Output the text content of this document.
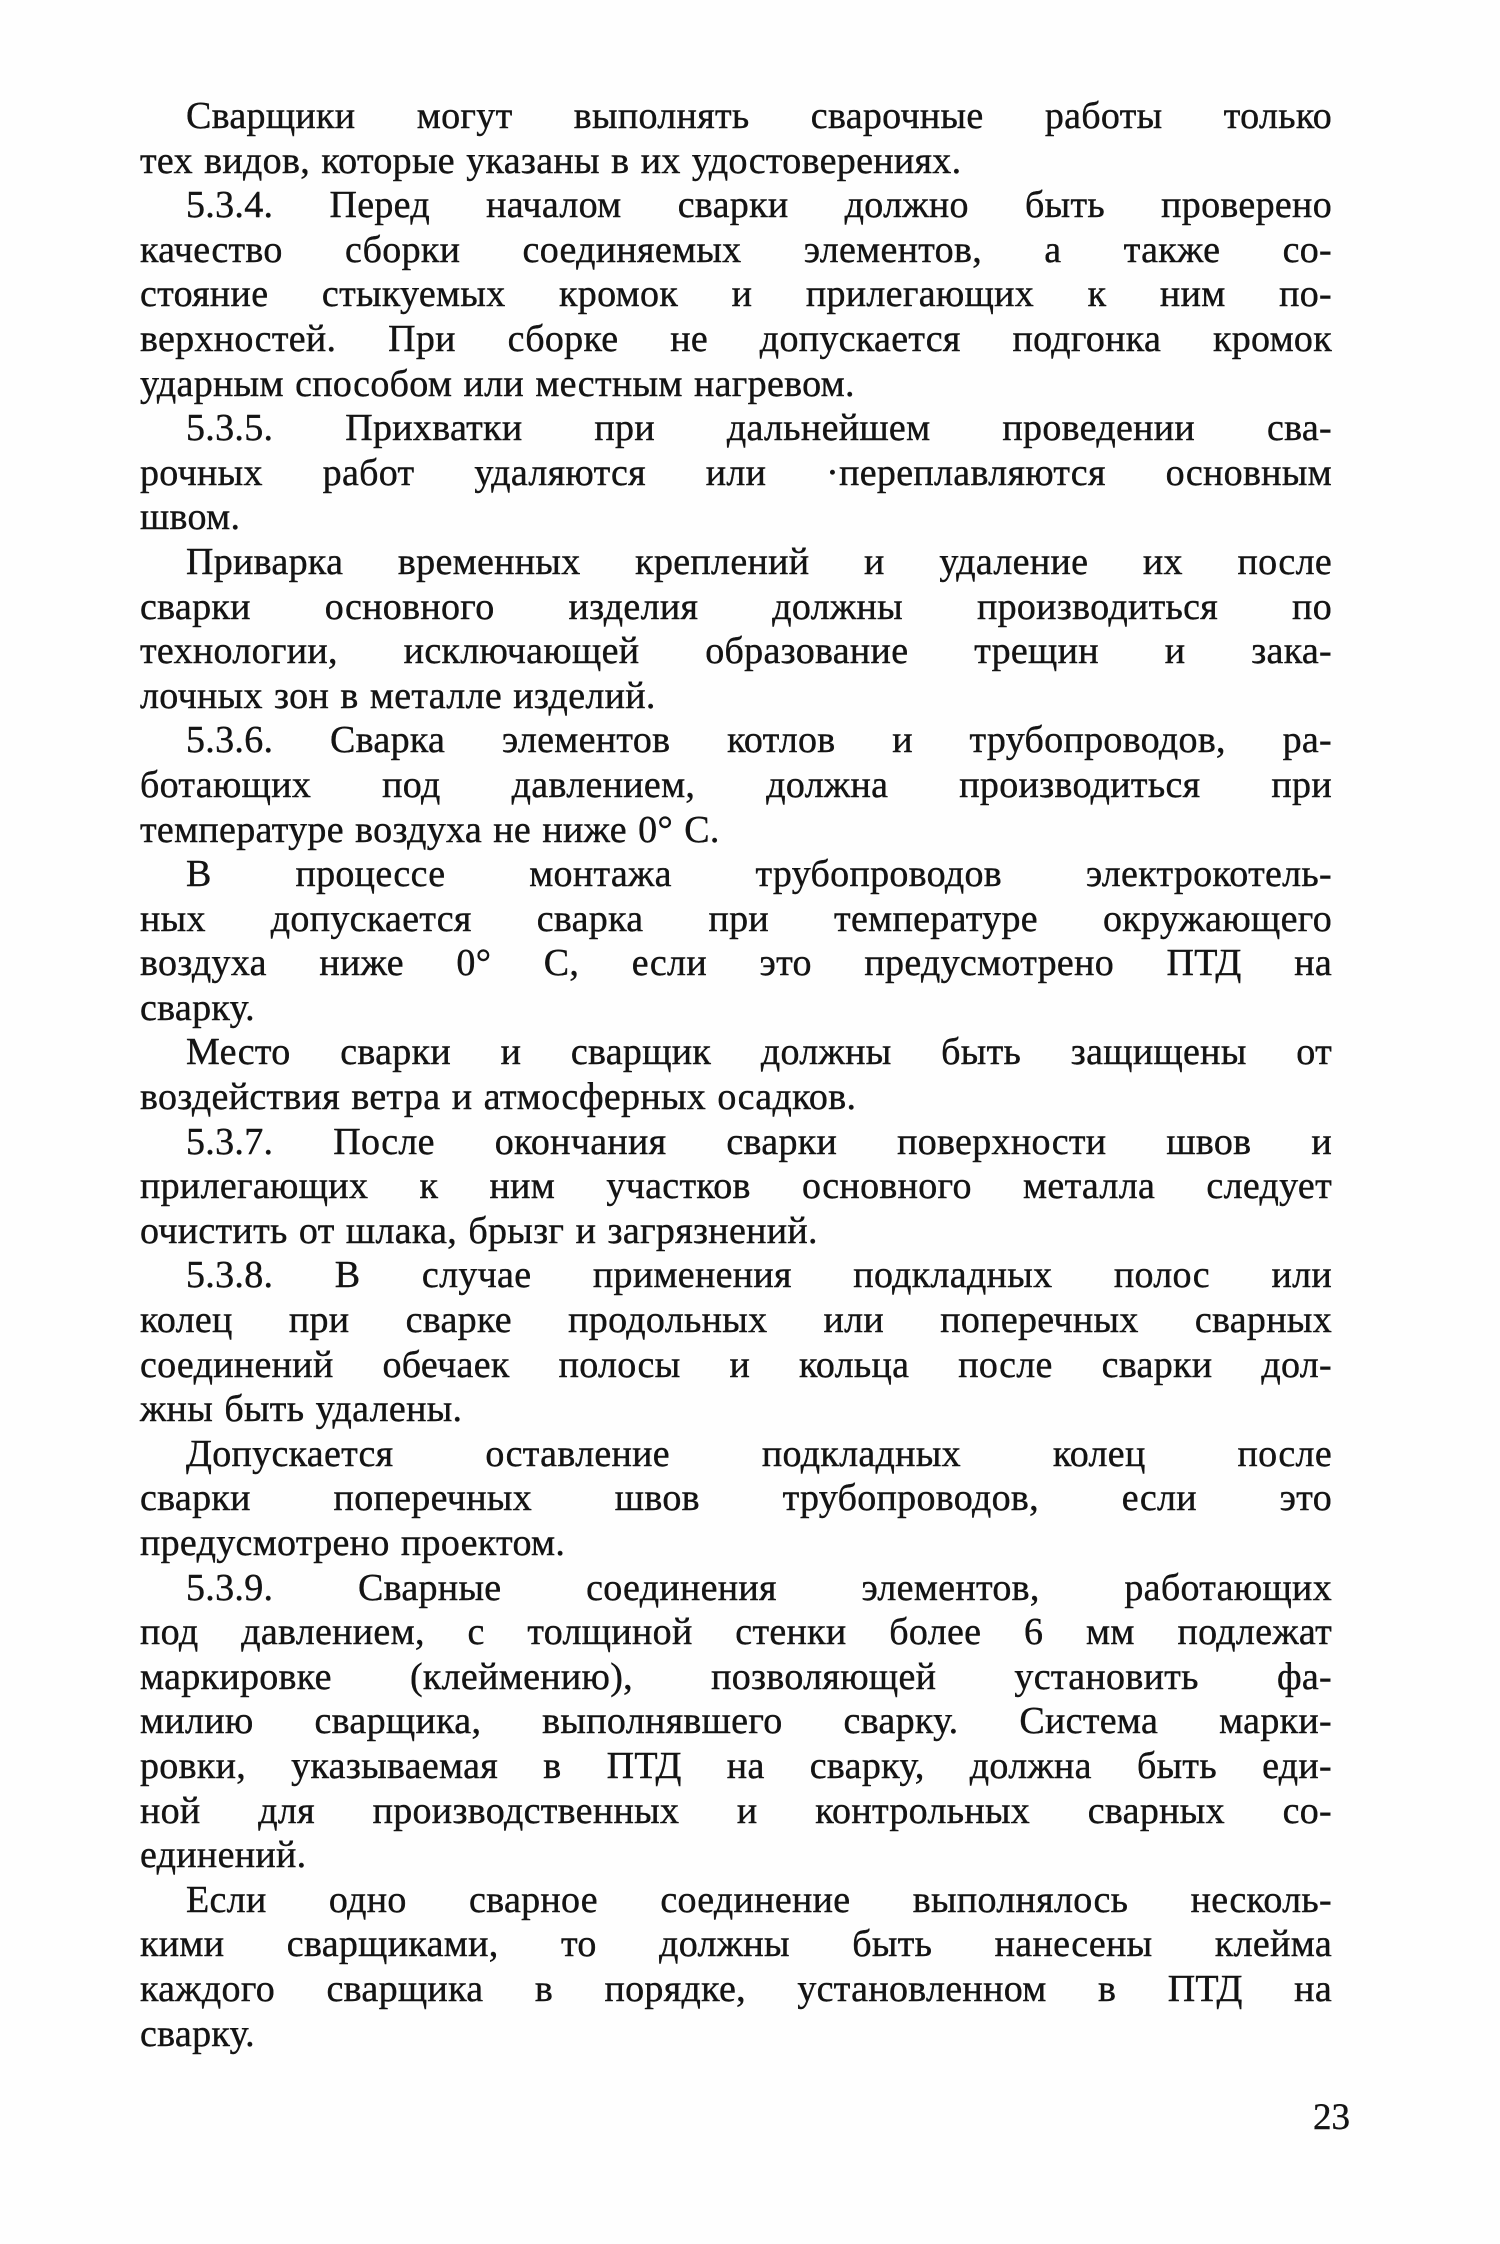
Сварщики могут выполнять сварочные работы только
тех видов, которые указаны в их удостоверениях.
5.3.4. Перед началом сварки должно быть проверено
качество сборки соединяемых элементов, а также со-
стояние стыкуемых кромок и прилегающих к ним по-
верхностей. При сборке не допускается подгонка кромок
ударным способом или местным нагревом.
5.3.5. Прихватки при дальнейшем проведении сва-
рочных работ удаляются или ·переплавляются основным
швом.
Приварка временных креплений и удаление их после
сварки основного изделия должны производиться по
технологии, исключающей образование трещин и зака-
лочных зон в металле изделий.
5.3.6. Сварка элементов котлов и трубопроводов, ра-
ботающих под давлением, должна производиться при
температуре воздуха не ниже 0° С.
В процессе монтажа трубопроводов электрокотель-
ных допускается сварка при температуре окружающего
воздуха ниже 0° С, если это предусмотрено ПТД на
сварку.
Место сварки и сварщик должны быть защищены от
воздействия ветра и атмосферных осадков.
5.3.7. После окончания сварки поверхности швов и
прилегающих к ним участков основного металла следует
очистить от шлака, брызг и загрязнений.
5.3.8. В случае применения подкладных полос или
колец при сварке продольных или поперечных сварных
соединений обечаек полосы и кольца после сварки дол-
жны быть удалены.
Допускается оставление подкладных колец после
сварки поперечных швов трубопроводов, если это
предусмотрено проектом.
5.3.9. Сварные соединения элементов, работающих
под давлением, с толщиной стенки более 6 мм подлежат
маркировке (клеймению), позволяющей установить фа-
милию сварщика, выполнявшего сварку. Система марки-
ровки, указываемая в ПТД на сварку, должна быть еди-
ной для производственных и контрольных сварных со-
единений.
Если одно сварное соединение выполнялось несколь-
кими сварщиками, то должны быть нанесены клейма
каждого сварщика в порядке, установленном в ПТД на
сварку.
23
